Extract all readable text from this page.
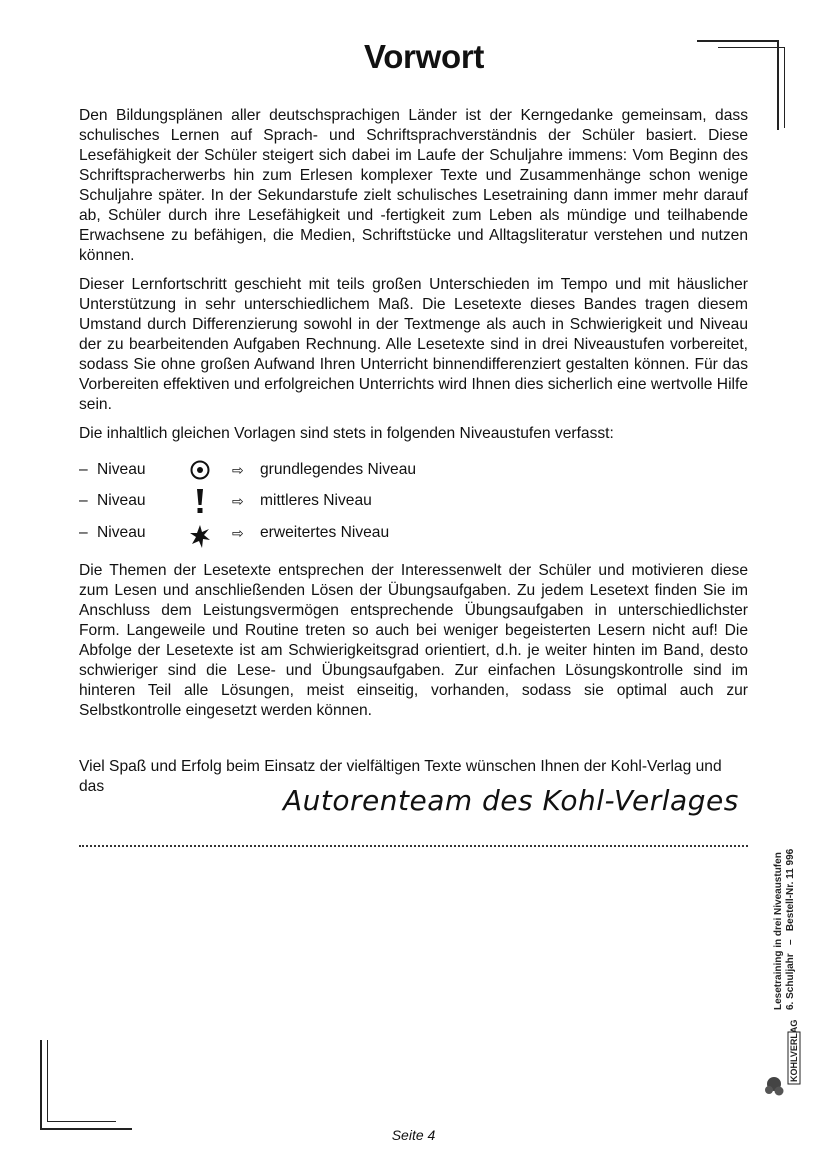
Vorwort

Den Bildungsplänen aller deutschsprachigen Länder ist der Kerngedanke gemeinsam, dass schulisches Lernen auf Sprach- und Schriftsprachverständnis der Schüler basiert. Diese Lesefähigkeit der Schüler steigert sich dabei im Laufe der Schuljahre immens: Vom Beginn des Schriftspracherwerbs hin zum Erlesen komplexer Texte und Zusammenhänge schon wenige Schuljahre später. In der Sekundarstufe zielt schulisches Lesetraining dann immer mehr darauf ab, Schüler durch ihre Lesefähigkeit und -fertigkeit zum Leben als mündige und teilhabende Erwachsene zu befähigen, die Medien, Schriftstücke und Alltagsliteratur verstehen und nutzen können.

Dieser Lernfortschritt geschieht mit teils großen Unterschieden im Tempo und mit häuslicher Unterstützung in sehr unterschiedlichem Maß. Die Lesetexte dieses Bandes tragen diesem Umstand durch Differenzierung sowohl in der Textmenge als auch in Schwierigkeit und Niveau der zu bearbeitenden Aufgaben Rechnung. Alle Lesetexte sind in drei Niveaustufen vorbereitet, sodass Sie ohne großen Aufwand Ihren Unterricht binnendifferenziert gestalten können. Für das Vorbereiten effektiven und erfolgreichen Unterrichts wird Ihnen dies sicherlich eine wertvolle Hilfe sein.

Die inhaltlich gleichen Vorlagen sind stets in folgenden Niveaustufen verfasst:

– Niveau	⇨	grundlegendes Niveau
– Niveau	⇨	mittleres Niveau
– Niveau	⇨	erweitertes Niveau

Die Themen der Lesetexte entsprechen der Interessenwelt der Schüler und motivieren diese zum Lesen und anschließenden Lösen der Übungsaufgaben. Zu jedem Lesetext finden Sie im Anschluss dem Leistungsvermögen entsprechende Übungsaufgaben in unterschiedlichster Form. Langeweile und Routine treten so auch bei weniger begeisterten Lesern nicht auf! Die Abfolge der Lesetexte ist am Schwierigkeitsgrad orientiert, d.h. je weiter hinten im Band, desto schwieriger sind die Lese- und Übungsaufgaben. Zur einfachen Lösungskontrolle sind im hinteren Teil alle Lösungen, meist einseitig, vorhanden, sodass sie optimal auch zur Selbstkontrolle eingesetzt werden können.

Viel Spaß und Erfolg beim Einsatz der vielfältigen Texte wünschen Ihnen der Kohl-Verlag und das	Autorenteam des Kohl-Verlages
Lesetraining in drei Niveaustufen 6. Schuljahr   –   Bestell-Nr. 11 996
KOHLVERLAG
Seite 4
